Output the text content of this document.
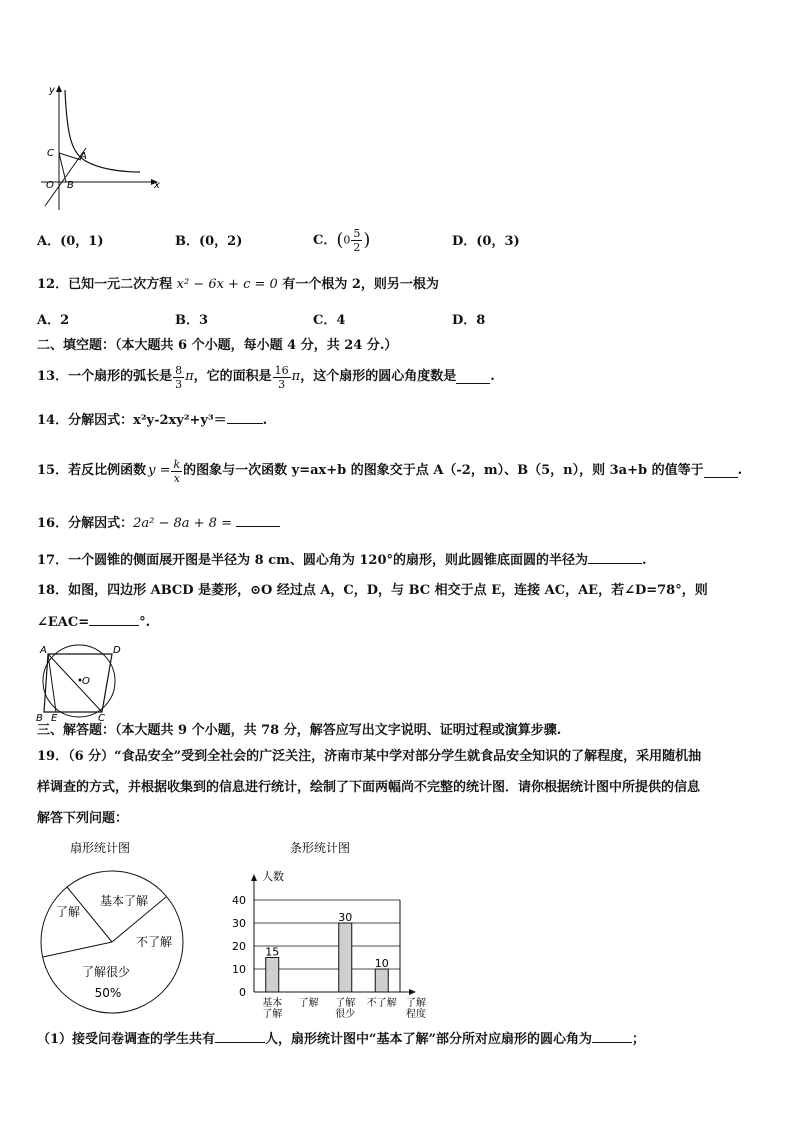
y
x
O B
C	A
A．(0，1)	B．(0，2)	C．($0 \frac{5}{2}$ )	D．(0，3)
12．已知一元二次方程 x² − 6x + c = 0 有一个根为 2，则另一根为
A．2	B．3	C．4	D．8
二、填空题：（本大题共 6 个小题，每小题 4 分，共 24 分.）
13．一个扇形的弧长是 $\frac{8}{3}$ π ，它的面积是 $\frac{16}{3}$ π ，这个扇形的圆心角度数是	.
14．分解因式：x²y-2xy²+y³＝	.
15．若反比例函数 $y = \frac{k}{x}$ 的图象与一次函数 y=ax+b 的图象交于点 A（-2，m）、B（5，n），则 3a+b 的值等于	.
16．分解因式：2a² − 8a + 8 =
17．一个圆锥的侧面展开图是半径为 8 cm、圆心角为 120°的扇形，则此圆锥底面圆的半径为	.
18．如图，四边形 ABCD 是菱形，⊙O 经过点 A，C，D，与 BC 相交于点 E，连接 AC，AE，若∠D=78°，则
∠EAC=	°.
A	D
O
B E	C
三、解答题：（本大题共 9 个小题，共 78 分，解答应写出文字说明、证明过程或演算步骤.
19．（6 分）“食品安全”受到全社会的广泛关注，济南市某中学对部分学生就食品安全知识的了解程度，采用随机抽
样调查的方式，并根据收集到的信息进行统计，绘制了下面两幅尚不完整的统计图．请你根据统计图中所提供的信息
解答下列问题：
扇形统计图
基本了解
了解
不了解
了解很少
50%
条形统计图
人数
0
10
20
30
40
15
基本
了解
了解
30
了解
很少
10
不了解 了解
程度
（1）接受问卷调查的学生共有	人，扇形统计图中“基本了解”部分所对应扇形的圆心角为	；
